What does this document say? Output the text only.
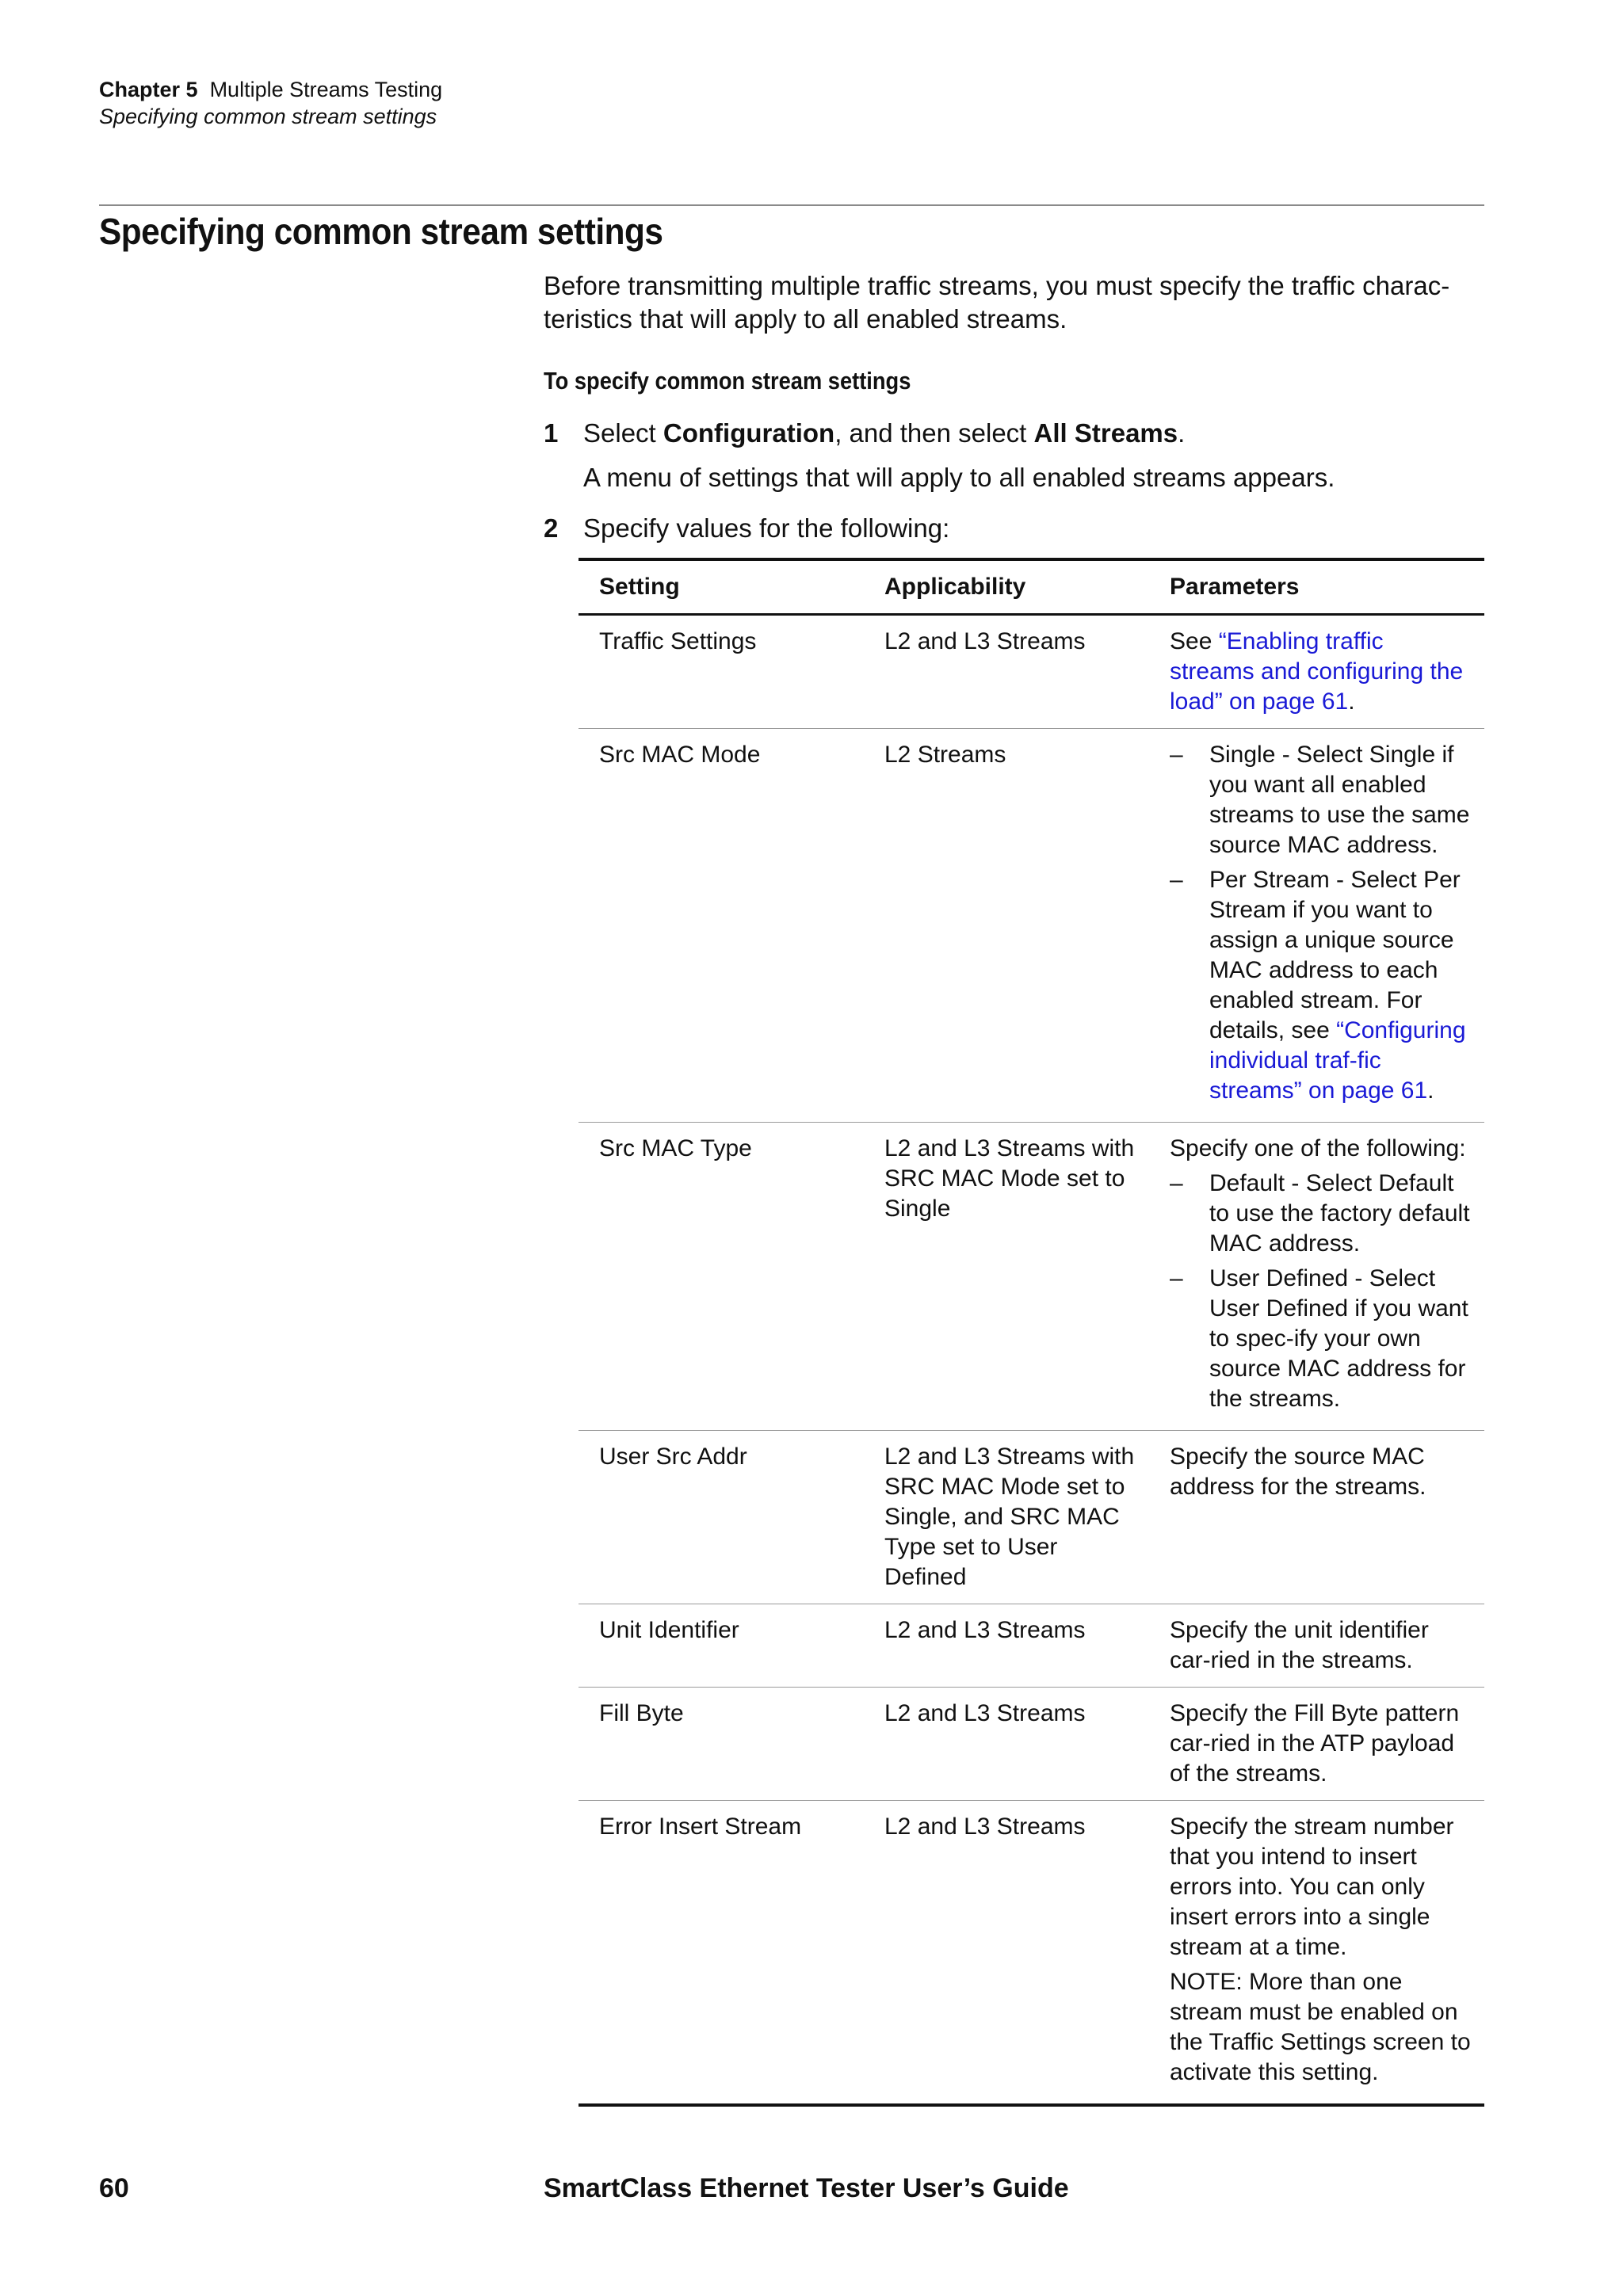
Chapter 5 Multiple Streams Testing
Specifying common stream settings
Specifying common stream settings

Before transmitting multiple traffic streams, you must specify the traffic charac-teristics that will apply to all enabled streams.

To specify common stream settings
1 Select Configuration, and then select All Streams.
A menu of settings that will apply to all enabled streams appears.
2 Specify values for the following:
Setting	Applicability	Parameters
Traffic Settings	L2 and L3 Streams	See “Enabling traffic streams and configuring the load” on page 61.
Src MAC Mode	L2 Streams	– Single - Select Single if you want all enabled streams to use the same source MAC address.
– Per Stream - Select Per Stream if you want to assign a unique source MAC address to each enabled stream. For details, see “Configuring individual traf-fic streams” on page 61.

Src MAC Type	L2 and L3 Streams with SRC MAC Mode set to Single	Specify one of the following:
– Default - Select Default to use the factory default MAC address.
– User Defined - Select User Defined if you want to spec-ify your own source MAC address for the streams.

User Src Addr	L2 and L3 Streams with SRC MAC Mode set to Single, and SRC MAC Type set to User Defined	Specify the source MAC address for the streams.
Unit Identifier	L2 and L3 Streams	Specify the unit identifier car-ried in the streams.
Fill Byte	L2 and L3 Streams	Specify the Fill Byte pattern car-ried in the ATP payload of the streams.
Error Insert Stream	L2 and L3 Streams	Specify the stream number that you intend to insert errors into. You can only insert errors into a single stream at a time.
NOTE: More than one stream must be enabled on the Traffic Settings screen to activate this setting.
60	SmartClass Ethernet Tester User’s Guide
